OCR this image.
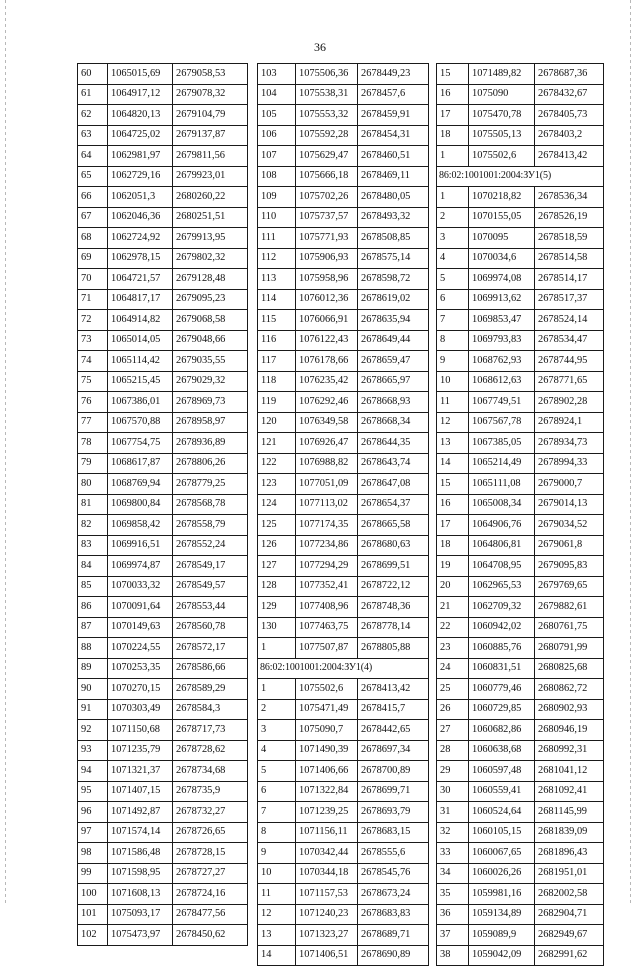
36
60	1065015,69	2679058,53
61	1064917,12	2679078,32
62	1064820,13	2679104,79
63	1064725,02	2679137,87
64	1062981,97	2679811,56
65	1062729,16	2679923,01
66	1062051,3	2680260,22
67	1062046,36	2680251,51
68	1062724,92	2679913,95
69	1062978,15	2679802,32
70	1064721,57	2679128,48
71	1064817,17	2679095,23
72	1064914,82	2679068,58
73	1065014,05	2679048,66
74	1065114,42	2679035,55
75	1065215,45	2679029,32
76	1067386,01	2678969,73
77	1067570,88	2678958,97
78	1067754,75	2678936,89
79	1068617,87	2678806,26
80	1068769,94	2678779,25
81	1069800,84	2678568,78
82	1069858,42	2678558,79
83	1069916,51	2678552,24
84	1069974,87	2678549,17
85	1070033,32	2678549,57
86	1070091,64	2678553,44
87	1070149,63	2678560,78
88	1070224,55	2678572,17
89	1070253,35	2678586,66
90	1070270,15	2678589,29
91	1070303,49	2678584,3
92	1071150,68	2678717,73
93	1071235,79	2678728,62
94	1071321,37	2678734,68
95	1071407,15	2678735,9
96	1071492,87	2678732,27
97	1071574,14	2678726,65
98	1071586,48	2678728,15
99	1071598,95	2678727,27
100	1071608,13	2678724,16
101	1075093,17	2678477,56
102	1075473,97	2678450,62
103	1075506,36	2678449,23
104	1075538,31	2678457,6
105	1075553,32	2678459,91
106	1075592,28	2678454,31
107	1075629,47	2678460,51
108	1075666,18	2678469,11
109	1075702,26	2678480,05
110	1075737,57	2678493,32
111	1075771,93	2678508,85
112	1075906,93	2678575,14
113	1075958,96	2678598,72
114	1076012,36	2678619,02
115	1076066,91	2678635,94
116	1076122,43	2678649,44
117	1076178,66	2678659,47
118	1076235,42	2678665,97
119	1076292,46	2678668,93
120	1076349,58	2678668,34
121	1076926,47	2678644,35
122	1076988,82	2678643,74
123	1077051,09	2678647,08
124	1077113,02	2678654,37
125	1077174,35	2678665,58
126	1077234,86	2678680,63
127	1077294,29	2678699,51
128	1077352,41	2678722,12
129	1077408,96	2678748,36
130	1077463,75	2678778,14
1	1077507,87	2678805,88
86:02:1001001:2004:ЗУ1(4)		
1	1075502,6	2678413,42
2	1075471,49	2678415,7
3	1075090,7	2678442,65
4	1071490,39	2678697,34
5	1071406,66	2678700,89
6	1071322,84	2678699,71
7	1071239,25	2678693,79
8	1071156,11	2678683,15
9	1070342,44	2678555,6
10	1070344,18	2678545,76
11	1071157,53	2678673,24
12	1071240,23	2678683,83
13	1071323,27	2678689,71
14	1071406,51	2678690,89
15	1071489,82	2678687,36
16	1075090	2678432,67
17	1075470,78	2678405,73
18	1075505,13	2678403,2
1	1075502,6	2678413,42
86:02:1001001:2004:ЗУ1(5)		
1	1070218,82	2678536,34
2	1070155,05	2678526,19
3	1070095	2678518,59
4	1070034,6	2678514,58
5	1069974,08	2678514,17
6	1069913,62	2678517,37
7	1069853,47	2678524,14
8	1069793,83	2678534,47
9	1068762,93	2678744,95
10	1068612,63	2678771,65
11	1067749,51	2678902,28
12	1067567,78	2678924,1
13	1067385,05	2678934,73
14	1065214,49	2678994,33
15	1065111,08	2679000,7
16	1065008,34	2679014,13
17	1064906,76	2679034,52
18	1064806,81	2679061,8
19	1064708,95	2679095,83
20	1062965,53	2679769,65
21	1062709,32	2679882,61
22	1060942,02	2680761,75
23	1060885,76	2680791,99
24	1060831,51	2680825,68
25	1060779,46	2680862,72
26	1060729,85	2680902,93
27	1060682,86	2680946,19
28	1060638,68	2680992,31
29	1060597,48	2681041,12
30	1060559,41	2681092,41
31	1060524,64	2681145,99
32	1060105,15	2681839,09
33	1060067,65	2681896,43
34	1060026,26	2681951,01
35	1059981,16	2682002,58
36	1059134,89	2682904,71
37	1059089,9	2682949,67
38	1059042,09	2682991,62
